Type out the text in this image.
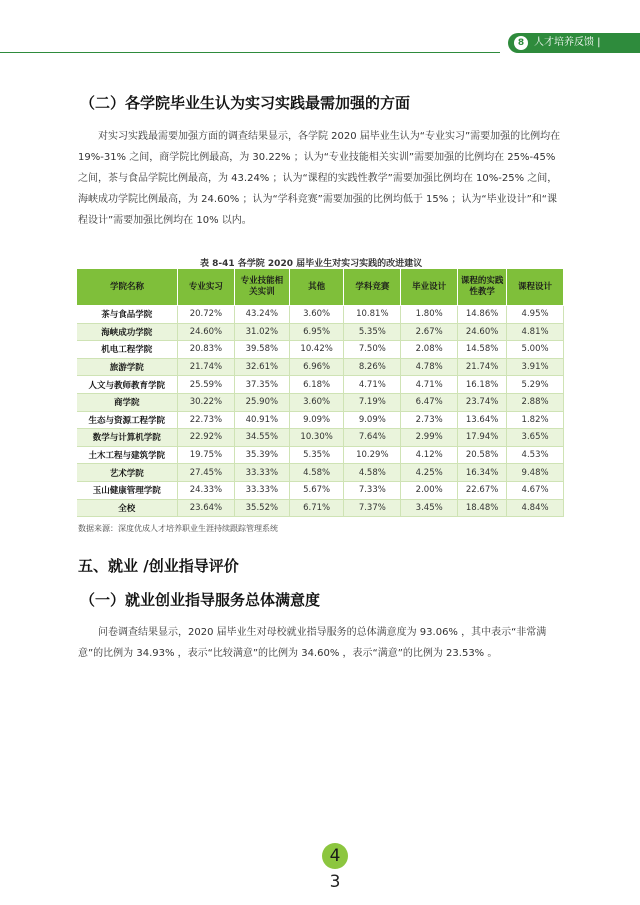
8 人才培养反馈 |
（二）各学院毕业生认为实习实践最需加强的方面

对实习实践最需要加强方面的调查结果显示，各学院 2020 届毕业生认为“专业实习”需要加强的比例均在 19%-31% 之间，商学院比例最高，为 30.22% ；认为“专业技能相关实训”需要加强的比例均在 25%-45% 之间，茶与食品学院比例最高，为 43.24% ；认为“课程的实践性教学”需要加强比例均在 10%-25% 之间，海峡成功学院比例最高，为 24.60% ；认为“学科竞赛”需要加强的比例均低于 15% ；认为“毕业设计”和“课程设计”需要加强比例均在 10% 以内。

表 8-41 各学院 2020 届毕业生对实习实践的改进建议
学院名称	专业实习	专业技能相关实训	其他	学科竞赛	毕业设计	课程的实践性教学	课程设计
茶与食品学院	20.72%	43.24%	3.60%	10.81%	1.80%	14.86%	4.95%
海峡成功学院	24.60%	31.02%	6.95%	5.35%	2.67%	24.60%	4.81%
机电工程学院	20.83%	39.58%	10.42%	7.50%	2.08%	14.58%	5.00%
旅游学院	21.74%	32.61%	6.96%	8.26%	4.78%	21.74%	3.91%
人文与教师教育学院	25.59%	37.35%	6.18%	4.71%	4.71%	16.18%	5.29%
商学院	30.22%	25.90%	3.60%	7.19%	6.47%	23.74%	2.88%
生态与资源工程学院	22.73%	40.91%	9.09%	9.09%	2.73%	13.64%	1.82%
数学与计算机学院	22.92%	34.55%	10.30%	7.64%	2.99%	17.94%	3.65%
土木工程与建筑学院	19.75%	35.39%	5.35%	10.29%	4.12%	20.58%	4.53%
艺术学院	27.45%	33.33%	4.58%	4.58%	4.25%	16.34%	9.48%
玉山健康管理学院	24.33%	33.33%	5.67%	7.33%	2.00%	22.67%	4.67%
全校	23.64%	35.52%	6.71%	7.37%	3.45%	18.48%	4.84%
数据来源：深度优成人才培养职业生涯持续跟踪管理系统
五、就业 /创业指导评价
（一）就业创业指导服务总体满意度

问卷调查结果显示，2020 届毕业生对母校就业指导服务的总体满意度为 93.06% ，其中表示“非常满意”的比例为 34.93% ，表示“比较满意”的比例为 34.60% ，表示“满意”的比例为 23.53% 。

4
3
